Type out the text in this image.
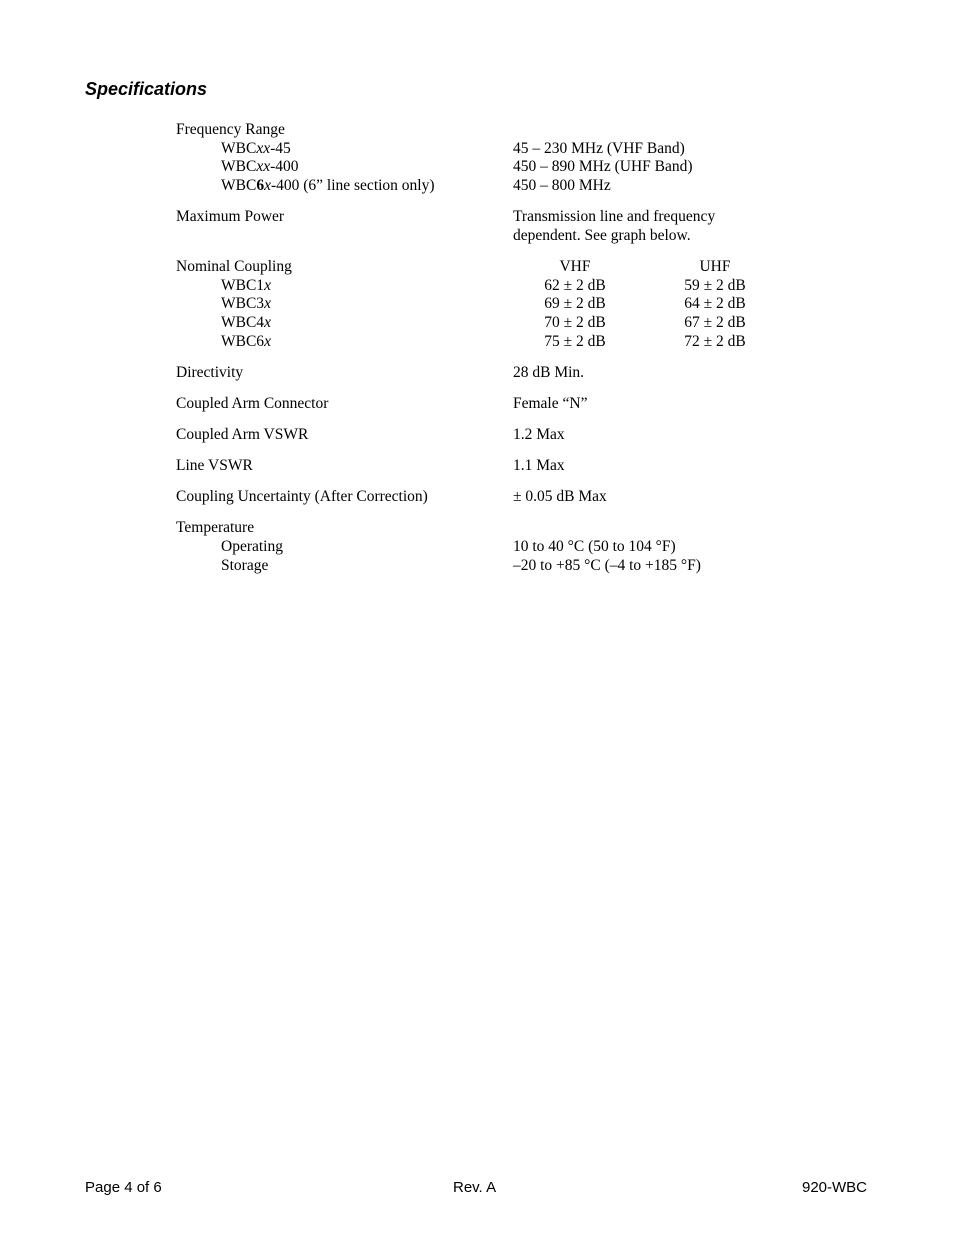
Specifications
Frequency Range
WBCxx-45	45 – 230 MHz (VHF Band)
WBCxx-400	450 – 890 MHz (UHF Band)
WBC6x-400 (6” line section only)	450 – 800 MHz
Maximum Power	Transmission line and frequency
dependent. See graph below.
Nominal Coupling	VHF	UHF
WBC1x	62 ± 2 dB	59 ± 2 dB
WBC3x	69 ± 2 dB	64 ± 2 dB
WBC4x	70 ± 2 dB	67 ± 2 dB
WBC6x	75 ± 2 dB	72 ± 2 dB
Directivity	28 dB Min.
Coupled Arm Connector	Female “N”
Coupled Arm VSWR	1.2 Max
Line VSWR	1.1 Max
Coupling Uncertainty (After Correction)	± 0.05 dB Max
Temperature
Operating	10 to 40 °C (50 to 104 °F)
Storage	–20 to +85 °C (–4 to +185 °F)
Page 4 of 6	Rev. A	920-WBC
